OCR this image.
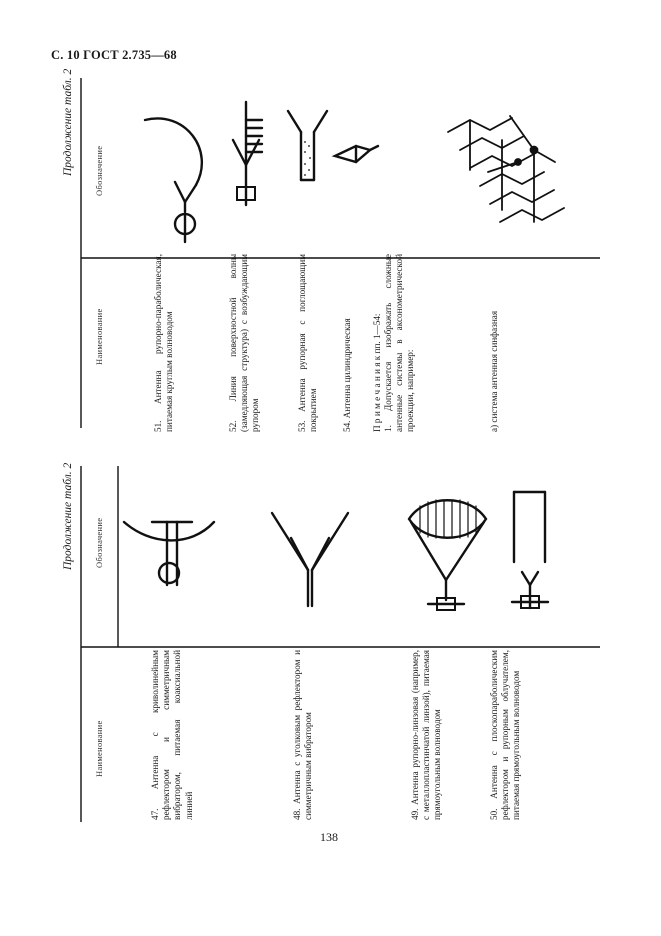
С. 10 ГОСТ 2.735—68
Продолжение табл. 2 Обозначение
Наименование	51. Антенна рупорно-параболическая, питаемая круглым волноводом	52. Линия поверхностной волны (замедляющая структура) с возбуждающим рупором	53. Антенна рупорная с поглощающим покрытием	54. Антенна цилиндрическая П р и м е ч а н и я к пп. 1—54: 1. Допускается изображать сложные антенные системы в аксонометрической проекции, например:	а) система антенная синфазная
Продолжение табл. 2 Обозначение
Наименование	47. Антенна с криволинейным рефлектором и симметричным вибратором, питаемая коаксиальной линией	48. Антенна с уголковым рефлектором и симметричным вибратором	49. Антенна рупорно-линзовая (например, с металлопластинчатой линзой), питаемая прямоугольным волноводом	50. Антенна с плоскопараболическим рефлектором и рупорным облучателем, питаемая прямоугольным волноводом
138
